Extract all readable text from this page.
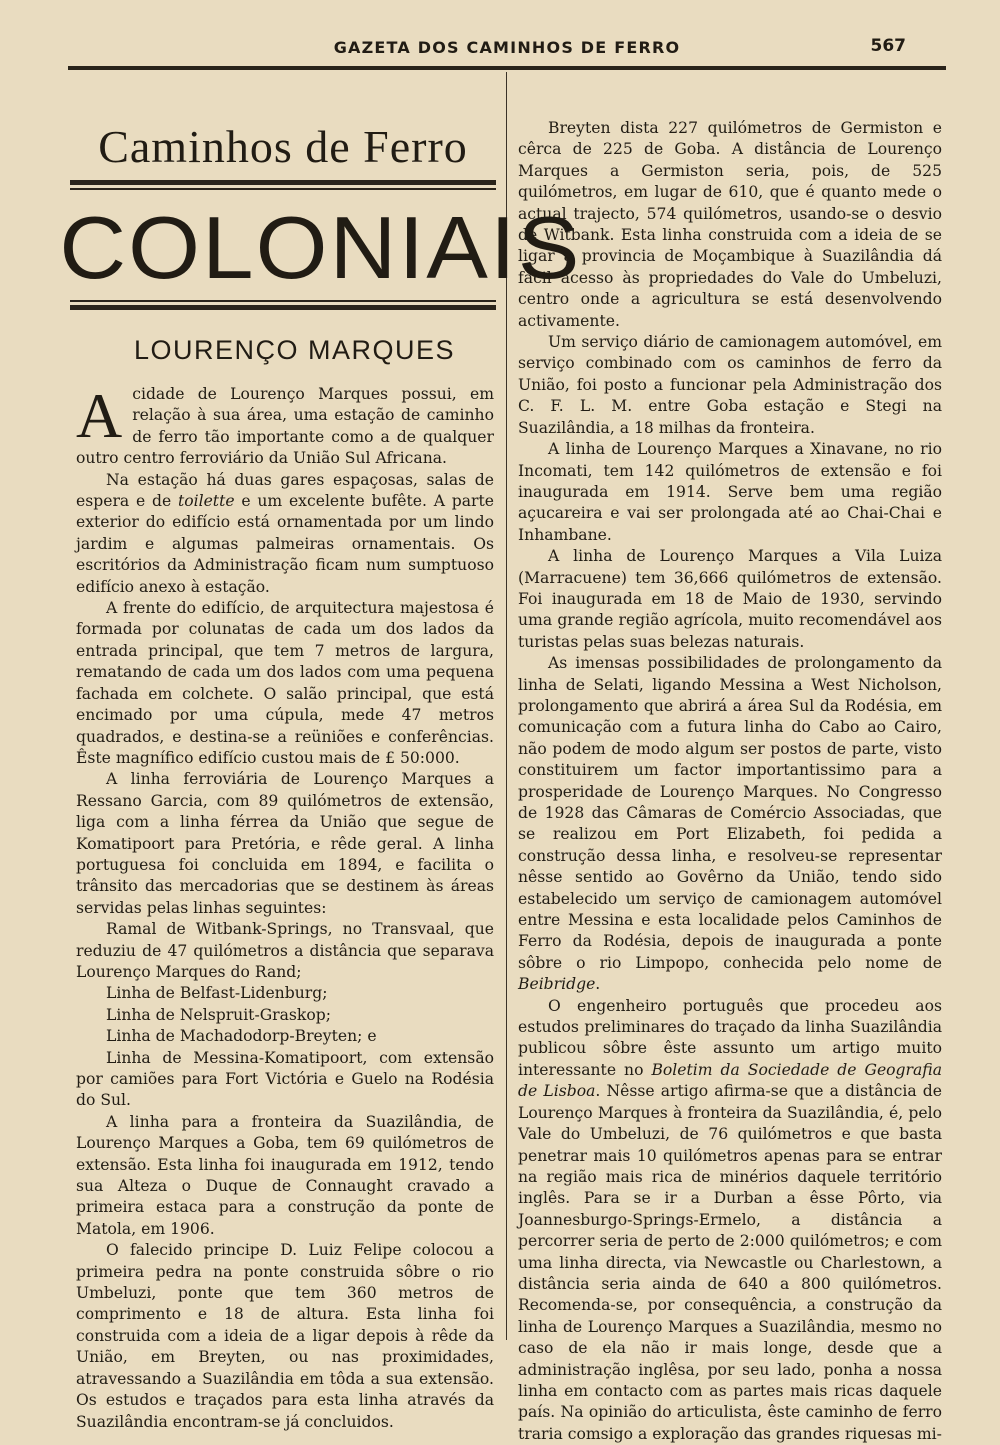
GAZETA DOS CAMINHOS DE FERRO	567
Caminhos de Ferro
COLONIAIS
LOURENÇO MARQUES

Acidade de Lourenço Marques possui, em relação à sua área, uma estação de caminho de ferro tão importante como a de qualquer outro centro ferroviário da União Sul Africana.

Na estação há duas gares espaçosas, salas de espera e de toilette e um excelente bufête. A parte exterior do edifício está ornamentada por um lindo jardim e algumas palmeiras ornamentais. Os escritórios da Administração ficam num sumptuoso edifício anexo à estação.

A frente do edifício, de arquitectura majestosa é formada por colunatas de cada um dos lados da entrada principal, que tem 7 metros de largura, rematando de cada um dos lados com uma pequena fachada em colchete. O salão principal, que está encimado por uma cúpula, mede 47 metros quadrados, e destina-se a reüniões e conferências. Êste magnífico edifício custou mais de £ 50:000.

A linha ferroviária de Lourenço Marques a Ressano Garcia, com 89 quilómetros de extensão, liga com a linha férrea da União que segue de Komatipoort para Pretória, e rêde geral. A linha portuguesa foi concluida em 1894, e facilita o trânsito das mercadorias que se destinem às áreas servidas pelas linhas seguintes:

Ramal de Witbank-Springs, no Transvaal, que reduziu de 47 quilómetros a distância que separava Lourenço Marques do Rand;

Linha de Belfast-Lidenburg;

Linha de Nelspruit-Graskop;

Linha de Machadodorp-Breyten; e

Linha de Messina-Komatipoort, com extensão por camiões para Fort Victória e Guelo na Rodésia do Sul.

A linha para a fronteira da Suazilândia, de Lourenço Marques a Goba, tem 69 quilómetros de extensão. Esta linha foi inaugurada em 1912, tendo sua Alteza o Duque de Connaught cravado a primeira estaca para a construção da ponte de Matola, em 1906.

O falecido principe D. Luiz Felipe colocou a primeira pedra na ponte construida sôbre o rio Umbeluzi, ponte que tem 360 metros de comprimento e 18 de altura. Esta linha foi construida com a ideia de a ligar depois à rêde da União, em Breyten, ou nas proximidades, atravessando a Suazilândia em tôda a sua extensão. Os estudos e traçados para esta linha através da Suazilândia encontram-se já concluidos.

Breyten dista 227 quilómetros de Germiston e cêrca de 225 de Goba. A distância de Lourenço Marques a Germiston seria, pois, de 525 quilómetros, em lugar de 610, que é quanto mede o actual trajecto, 574 quilómetros, usando-se o desvio de Witbank. Esta linha construida com a ideia de se ligar a provincia de Moçambique à Suazilândia dá fácil acesso às propriedades do Vale do Umbeluzi, centro onde a agricultura se está desenvolvendo activamente.

Um serviço diário de camionagem automóvel, em serviço combinado com os caminhos de ferro da União, foi posto a funcionar pela Administração dos C. F. L. M. entre Goba estação e Stegi na Suazilândia, a 18 milhas da fronteira.

A linha de Lourenço Marques a Xinavane, no rio Incomati, tem 142 quilómetros de extensão e foi inaugurada em 1914. Serve bem uma região açucareira e vai ser prolongada até ao Chai-Chai e Inhambane.

A linha de Lourenço Marques a Vila Luiza (Marracuene) tem 36,666 quilómetros de extensão. Foi inaugurada em 18 de Maio de 1930, servindo uma grande região agrícola, muito recomendável aos turistas pelas suas belezas naturais.

As imensas possibilidades de prolongamento da linha de Selati, ligando Messina a West Nicholson, prolongamento que abrirá a área Sul da Rodésia, em comunicação com a futura linha do Cabo ao Cairo, não podem de modo algum ser postos de parte, visto constituirem um factor importantissimo para a prosperidade de Lourenço Marques. No Congresso de 1928 das Câmaras de Comércio Associadas, que se realizou em Port Elizabeth, foi pedida a construção dessa linha, e resolveu-se representar nêsse sentido ao Govêrno da União, tendo sido estabelecido um serviço de camionagem automóvel entre Messina e esta localidade pelos Caminhos de Ferro da Rodésia, depois de inaugurada a ponte sôbre o rio Limpopo, conhecida pelo nome de Beibridge.

O engenheiro português que procedeu aos estudos preliminares do traçado da linha Suazilândia publicou sôbre êste assunto um artigo muito interessante no Boletim da Sociedade de Geografia de Lisboa. Nêsse artigo afirma-se que a distância de Lourenço Marques à fronteira da Suazilândia, é, pelo Vale do Umbeluzi, de 76 quilómetros e que basta penetrar mais 10 quilómetros apenas para se entrar na região mais rica de minérios daquele território inglês. Para se ir a Durban a êsse Pôrto, via Joannesburgo-Springs-Ermelo, a distância a percorrer seria de perto de 2:000 quilómetros; e com uma linha directa, via Newcastle ou Charlestown, a distância seria ainda de 640 a 800 quilómetros. Recomenda-se, por consequência, a construção da linha de Lourenço Marques a Suazilândia, mesmo no caso de ela não ir mais longe, desde que a administração inglêsa, por seu lado, ponha a nossa linha em contacto com as partes mais ricas daquele país. Na opinião do articulista, êste caminho de ferro traria comsigo a exploração das grandes riquesas mi-
